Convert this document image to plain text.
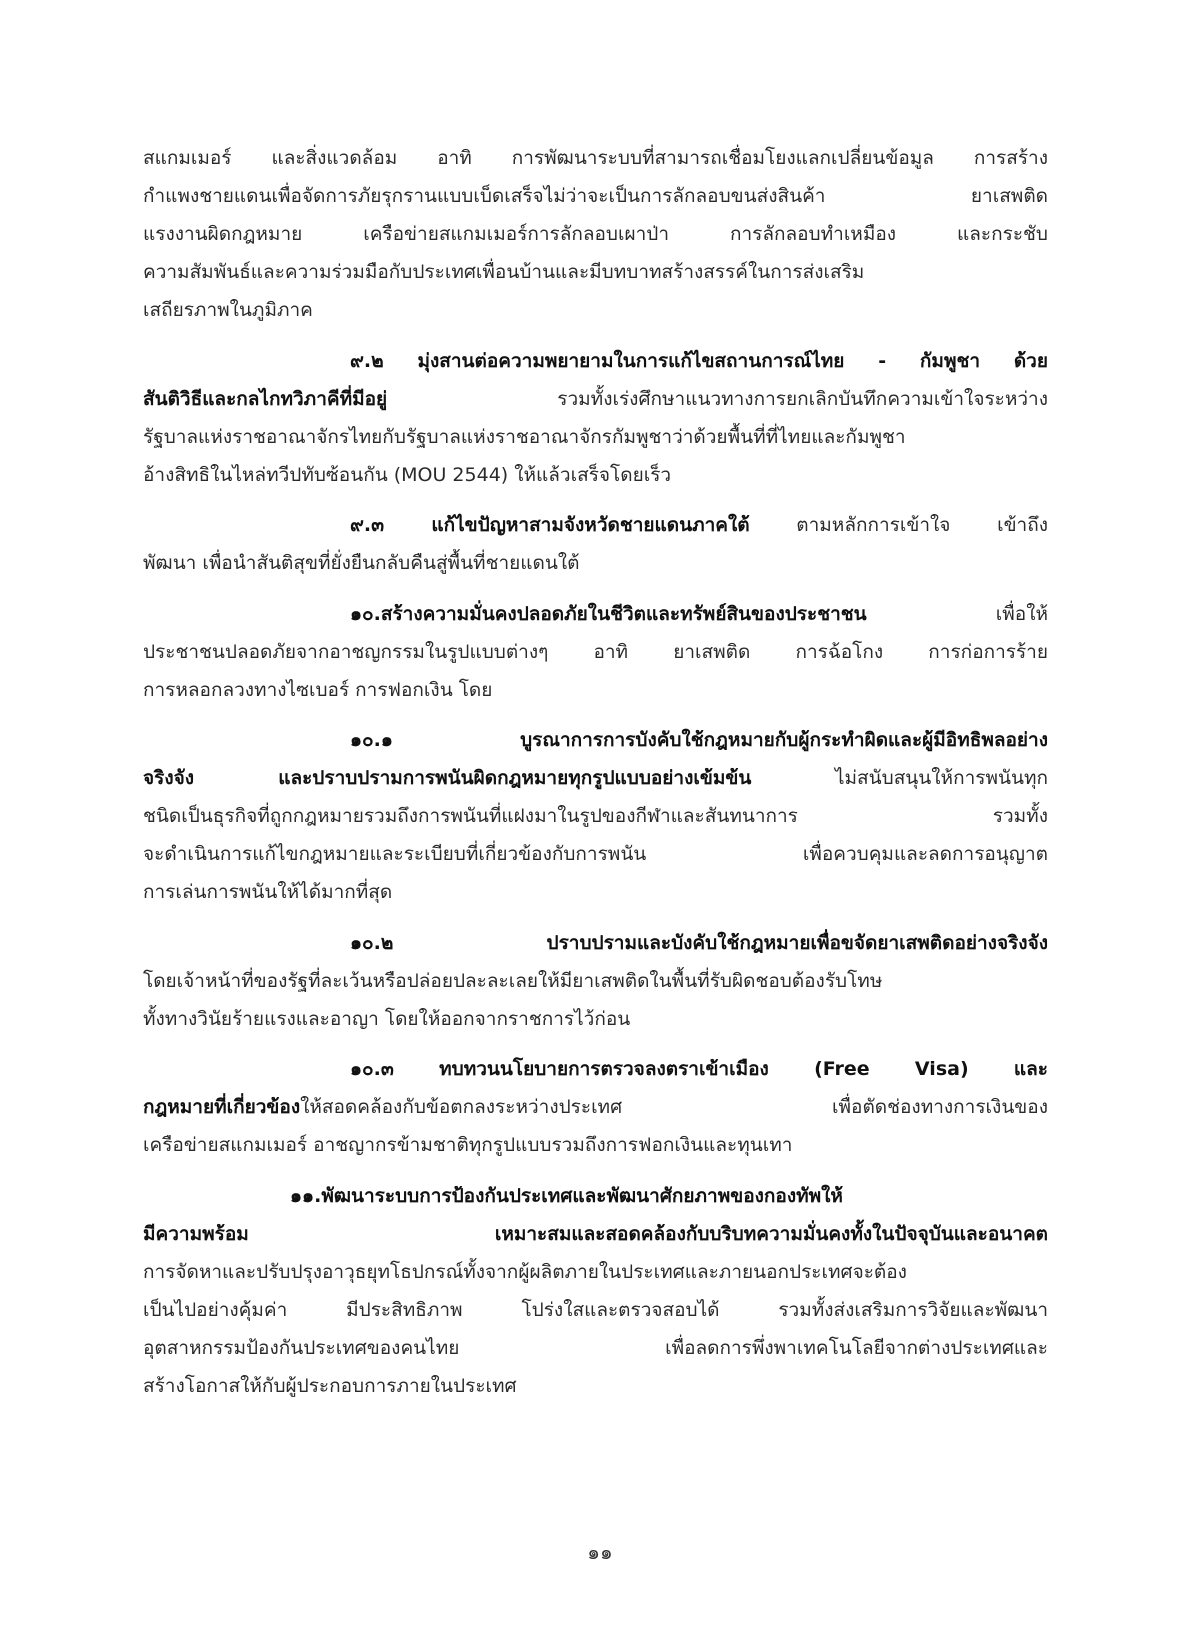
สแกมเมอร์ และสิ่งแวดล้อม อาทิ การพัฒนาระบบที่สามารถเชื่อมโยงแลกเปลี่ยนข้อมูล การสร้าง
กำแพงชายแดนเพื่อจัดการภัยรุกรานแบบเบ็ดเสร็จไม่ว่าจะเป็นการลักลอบขนส่งสินค้า ยาเสพติด
แรงงานผิดกฎหมาย เครือข่ายสแกมเมอร์การลักลอบเผาป่า การลักลอบทำเหมือง และกระชับ
ความสัมพันธ์และความร่วมมือกับประเทศเพื่อนบ้านและมีบทบาทสร้างสรรค์ในการส่งเสริม
เสถียรภาพในภูมิภาค
๙.๒ มุ่งสานต่อความพยายามในการแก้ไขสถานการณ์ไทย - กัมพูชา ด้วย
สันติวิธีและกลไกทวิภาคีที่มีอยู่ รวมทั้งเร่งศึกษาแนวทางการยกเลิกบันทึกความเข้าใจระหว่าง
รัฐบาลแห่งราชอาณาจักรไทยกับรัฐบาลแห่งราชอาณาจักรกัมพูชาว่าด้วยพื้นที่ที่ไทยและกัมพูชา
อ้างสิทธิในไหล่ทวีปทับซ้อนกัน (MOU 2544) ให้แล้วเสร็จโดยเร็ว
๙.๓ แก้ไขปัญหาสามจังหวัดชายแดนภาคใต้ ตามหลักการเข้าใจ เข้าถึง
พัฒนา เพื่อนำสันติสุขที่ยั่งยืนกลับคืนสู่พื้นที่ชายแดนใต้
๑๐.สร้างความมั่นคงปลอดภัยในชีวิตและทรัพย์สินของประชาชน เพื่อให้
ประชาชนปลอดภัยจากอาชญกรรมในรูปแบบต่างๆ อาทิ ยาเสพติด การฉ้อโกง การก่อการร้าย
การหลอกลวงทางไซเบอร์ การฟอกเงิน โดย
๑๐.๑ บูรณาการการบังคับใช้กฎหมายกับผู้กระทำผิดและผู้มีอิทธิพลอย่าง
จริงจัง และปราบปรามการพนันผิดกฎหมายทุกรูปแบบอย่างเข้มข้น ไม่สนับสนุนให้การพนันทุก
ชนิดเป็นธุรกิจที่ถูกกฎหมายรวมถึงการพนันที่แฝงมาในรูปของกีฬาและสันทนาการ รวมทั้ง
จะดำเนินการแก้ไขกฎหมายและระเบียบที่เกี่ยวข้องกับการพนัน เพื่อควบคุมและลดการอนุญาต
การเล่นการพนันให้ได้มากที่สุด
๑๐.๒ ปราบปรามและบังคับใช้กฎหมายเพื่อขจัดยาเสพติดอย่างจริงจัง
โดยเจ้าหน้าที่ของรัฐที่ละเว้นหรือปล่อยปละละเลยให้มียาเสพติดในพื้นที่รับผิดชอบต้องรับโทษ
ทั้งทางวินัยร้ายแรงและอาญา โดยให้ออกจากราชการไว้ก่อน
๑๐.๓ ทบทวนนโยบายการตรวจลงตราเข้าเมือง (Free Visa) และ
กฎหมายที่เกี่ยวข้องให้สอดคล้องกับข้อตกลงระหว่างประเทศ เพื่อตัดช่องทางการเงินของ
เครือข่ายสแกมเมอร์ อาชญากรข้ามชาติทุกรูปแบบรวมถึงการฟอกเงินและทุนเทา
๑๑.พัฒนาระบบการป้องกันประเทศและพัฒนาศักยภาพของกองทัพให้
มีความพร้อม เหมาะสมและสอดคล้องกับบริบทความมั่นคงทั้งในปัจจุบันและอนาคต
การจัดหาและปรับปรุงอาวุธยุทโธปกรณ์ทั้งจากผู้ผลิตภายในประเทศและภายนอกประเทศจะต้อง
เป็นไปอย่างคุ้มค่า มีประสิทธิภาพ โปร่งใสและตรวจสอบได้ รวมทั้งส่งเสริมการวิจัยและพัฒนา
อุตสาหกรรมป้องกันประเทศของคนไทย เพื่อลดการพึ่งพาเทคโนโลยีจากต่างประเทศและ
สร้างโอกาสให้กับผู้ประกอบการภายในประเทศ
๑๑
